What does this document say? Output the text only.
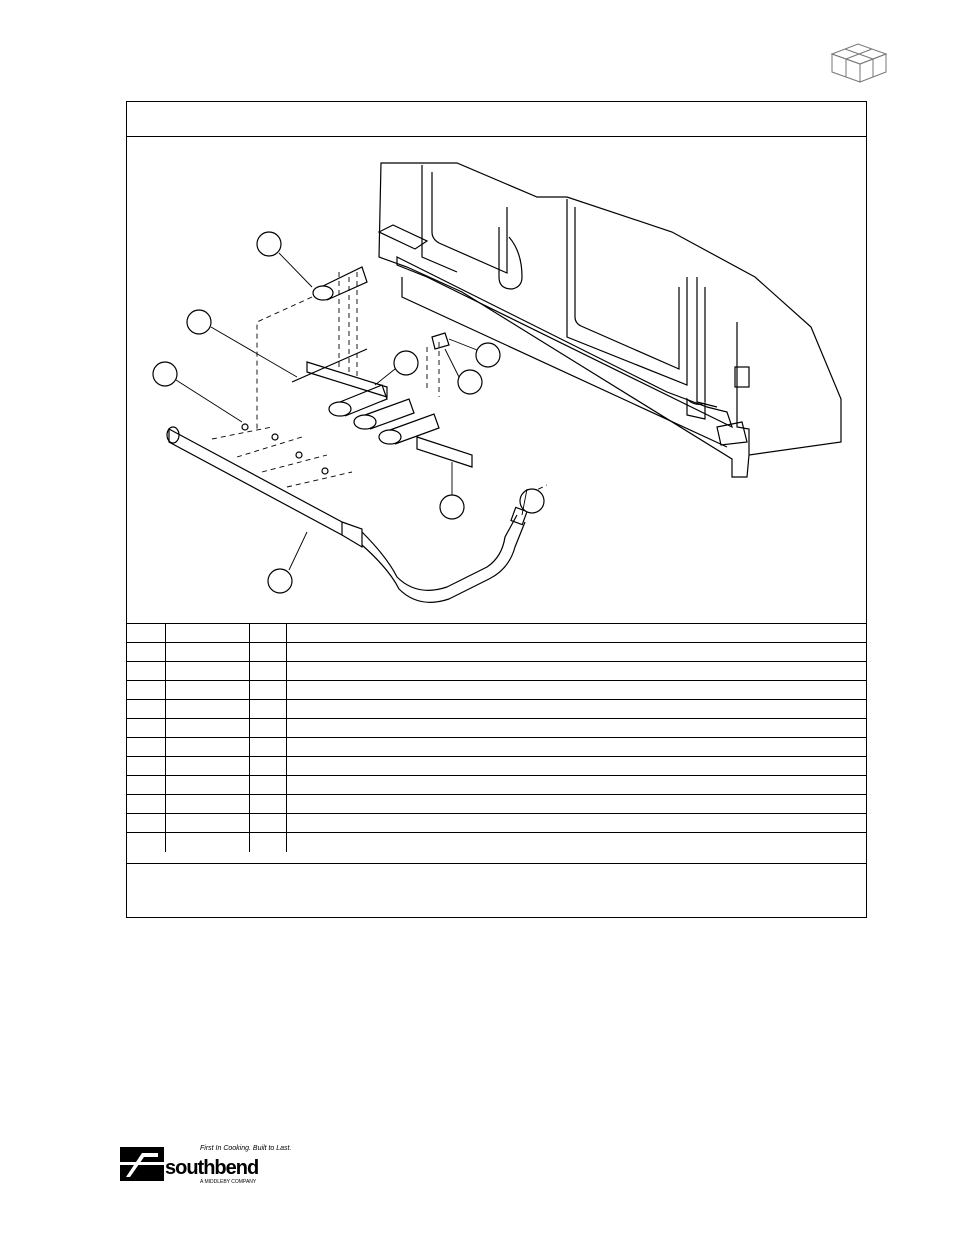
First In Cooking. Built to Last.
southbend
A MIDDLEBY COMPANY
